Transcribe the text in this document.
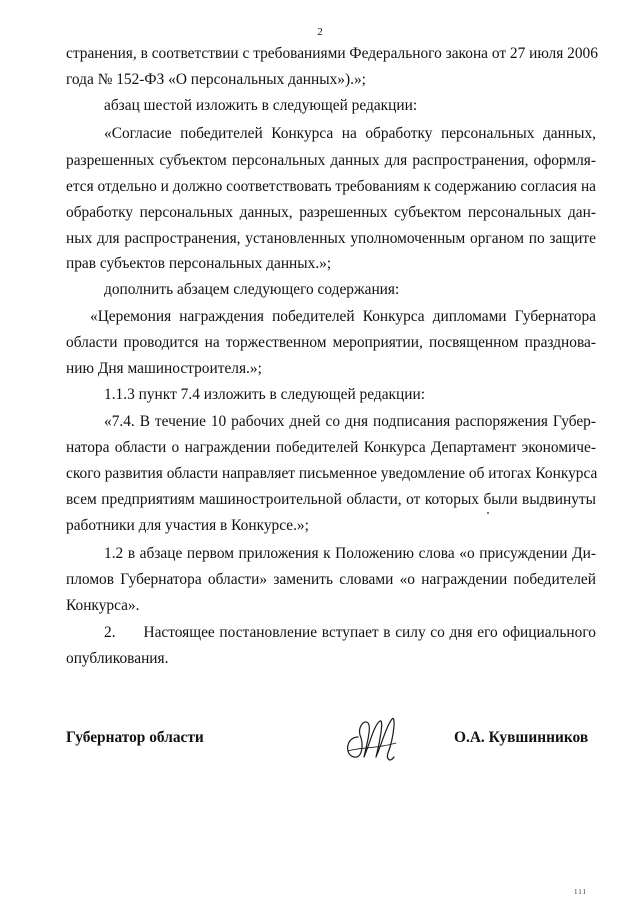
2
странения, в соответствии с требованиями Федерального закона от 27 июля 2006
года № 152-ФЗ «О персональных данных»).»;
абзац шестой изложить в следующей редакции:
«Согласие победителей Конкурса на обработку персональных данных,
разрешенных субъектом персональных данных для распространения, оформля-
ется отдельно и должно соответствовать требованиям к содержанию согласия на
обработку персональных данных, разрешенных субъектом персональных дан-
ных для распространения, установленных уполномоченным органом по защите
прав субъектов персональных данных.»;
дополнить абзацем следующего содержания:
«Церемония награждения победителей Конкурса дипломами Губернатора
области проводится на торжественном мероприятии, посвященном празднова-
нию Дня машиностроителя.»;
1.1.3 пункт 7.4 изложить в следующей редакции:
«7.4. В течение 10 рабочих дней со дня подписания распоряжения Губер-
натора области о награждении победителей Конкурса Департамент экономиче-
ского развития области направляет письменное уведомление об итогах Конкурса
всем предприятиям машиностроительной области, от которых были выдвинуты
работники для участия в Конкурсе.»;
1.2 в абзаце первом приложения к Положению слова «о присуждении Ди-
пломов Губернатора области» заменить словами «о награждении победителей
Конкурса».
2.      Настоящее постановление вступает в силу со дня его официального
опубликования.
Губернатор области	О.А. Кувшинников
111
